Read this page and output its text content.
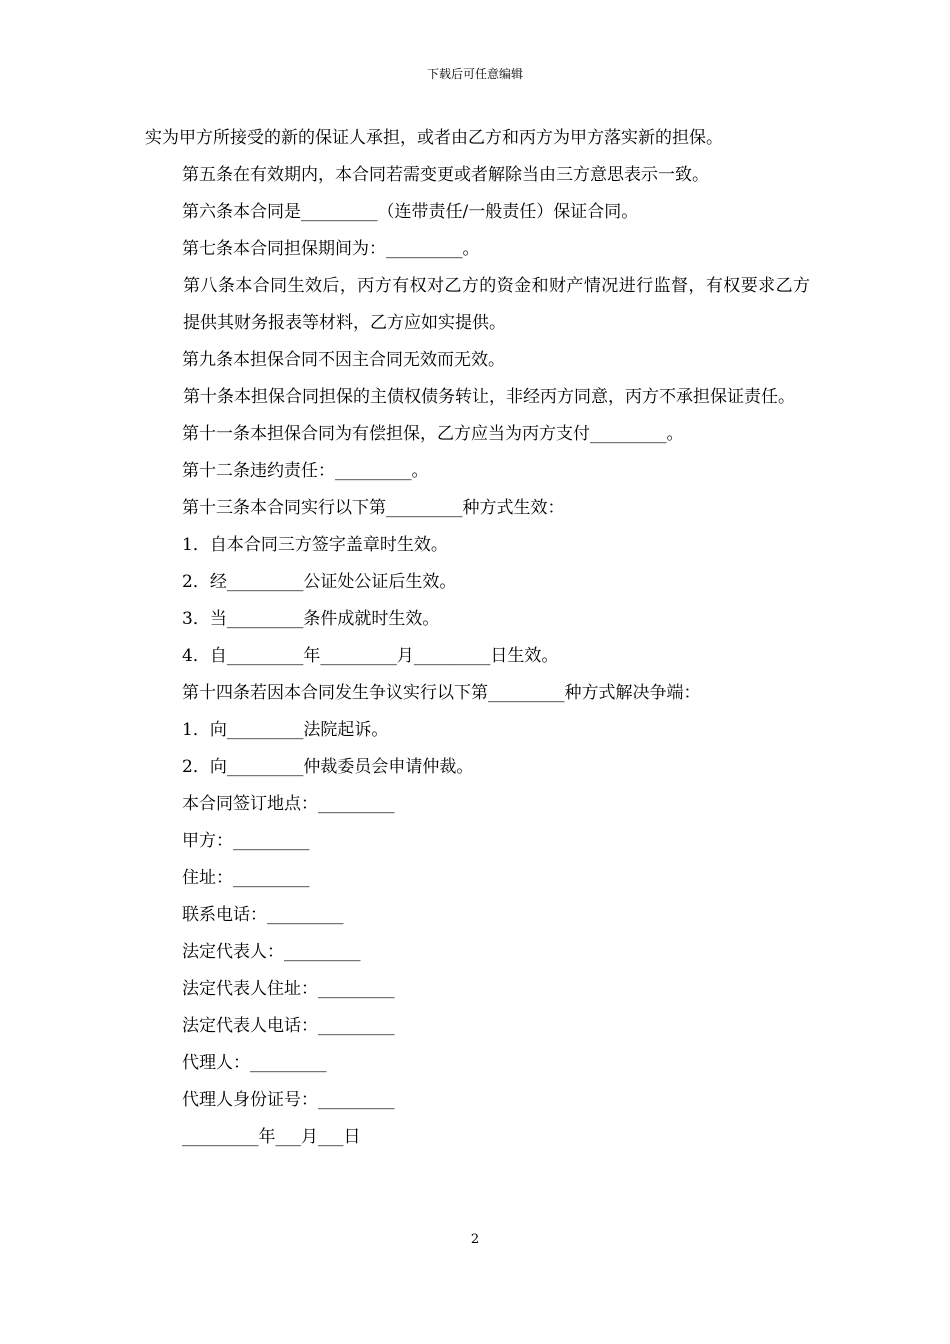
下载后可任意编辑
实为甲方所接受的新的保证人承担，或者由乙方和丙方为甲方落实新的担保。
第五条在有效期内，本合同若需变更或者解除当由三方意思表示一致。
第六条本合同是_________（连带责任/一般责任）保证合同。
第七条本合同担保期间为：_________。
第八条本合同生效后，丙方有权对乙方的资金和财产情况进行监督，有权要求乙方提供其财务报表等材料，乙方应如实提供。
第九条本担保合同不因主合同无效而无效。
第十条本担保合同担保的主债权债务转让，非经丙方同意，丙方不承担保证责任。
第十一条本担保合同为有偿担保，乙方应当为丙方支付_________。
第十二条违约责任：_________。
第十三条本合同实行以下第_________种方式生效：
1．自本合同三方签字盖章时生效。
2．经_________公证处公证后生效。
3．当_________条件成就时生效。
4．自_________年_________月_________日生效。
第十四条若因本合同发生争议实行以下第_________种方式解决争端：
1．向_________法院起诉。
2．向_________仲裁委员会申请仲裁。
本合同签订地点：_________
甲方：_________
住址：_________
联系电话：_________
法定代表人：_________
法定代表人住址：_________
法定代表人电话：_________
代理人：_________
代理人身份证号：_________
_________年___月___日
2
